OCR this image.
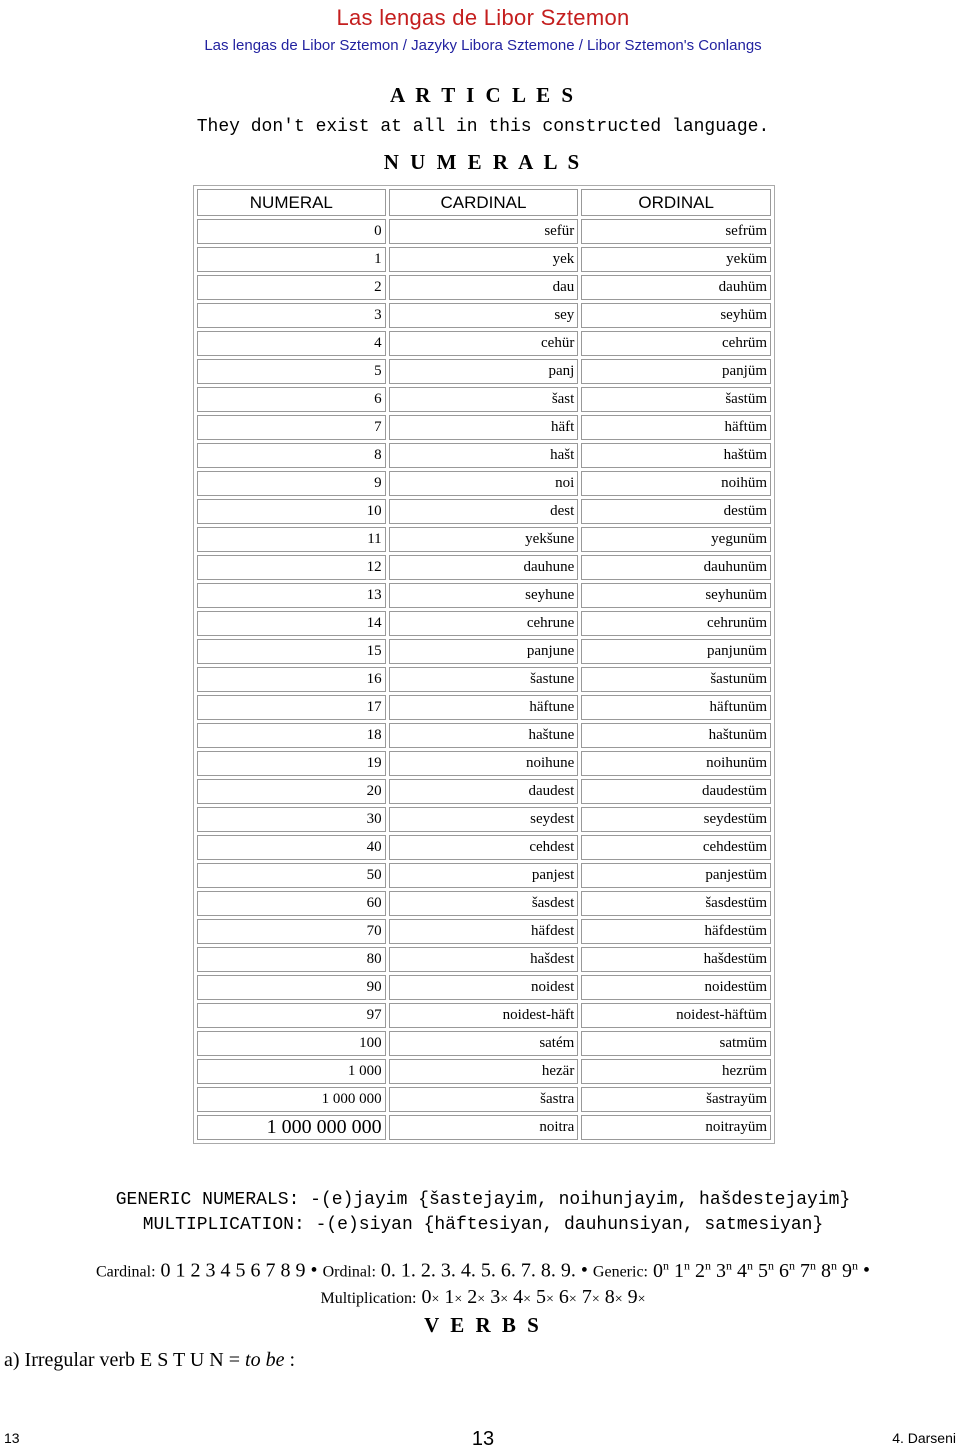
Las lengas de Libor Sztemon
Las lengas de Libor Sztemon / Jazyky Libora Sztemone / Libor Sztemon's Conlangs
A R T I C L E S
They don't exist at all in this constructed language.
N U M E R A L S
NUMERAL	CARDINAL	ORDINAL
0	sefür	sefrüm
1	yek	yeküm
2	dau	dauhüm
3	sey	seyhüm
4	cehür	cehrüm
5	panj	panjüm
6	šast	šastüm
7	häft	häftüm
8	hašt	haštüm
9	noi	noihüm
10	dest	destüm
11	yekšune	yegunüm
12	dauhune	dauhunüm
13	seyhune	seyhunüm
14	cehrune	cehrunüm
15	panjune	panjunüm
16	šastune	šastunüm
17	häftune	häftunüm
18	haštune	haštunüm
19	noihune	noihunüm
20	daudest	daudestüm
30	seydest	seydestüm
40	cehdest	cehdestüm
50	panjest	panjestüm
60	šasdest	šasdestüm
70	häfdest	häfdestüm
80	hašdest	hašdestüm
90	noidest	noidestüm
97	noidest-häft	noidest-häftüm
100	satém	satmüm
1 000	hezär	hezrüm
1 000 000	šastra	šastrayüm
1 000 000 000	noitra	noitrayüm
GENERIC NUMERALS: -(e)jayim {šastejayim, noihunjayim, hašdestejayim}
MULTIPLICATION: -(e)siyan {häftesiyan, dauhunsiyan, satmesiyan}
Cardinal: 0 1 2 3 4 5 6 7 8 9 • Ordinal: 0. 1. 2. 3. 4. 5. 6. 7. 8. 9. • Generic: 0$^n$ 1$^n$ 2$^n$ 3$^n$ 4$^n$ 5$^n$ 6$^n$ 7$^n$ 8$^n$ 9$^n$ •
Multiplication: 0× 1× 2× 3× 4× 5× 6× 7× 8× 9×
V E R B S
a) Irregular verb E S T U N = to be :
13	13	4. Darseni
